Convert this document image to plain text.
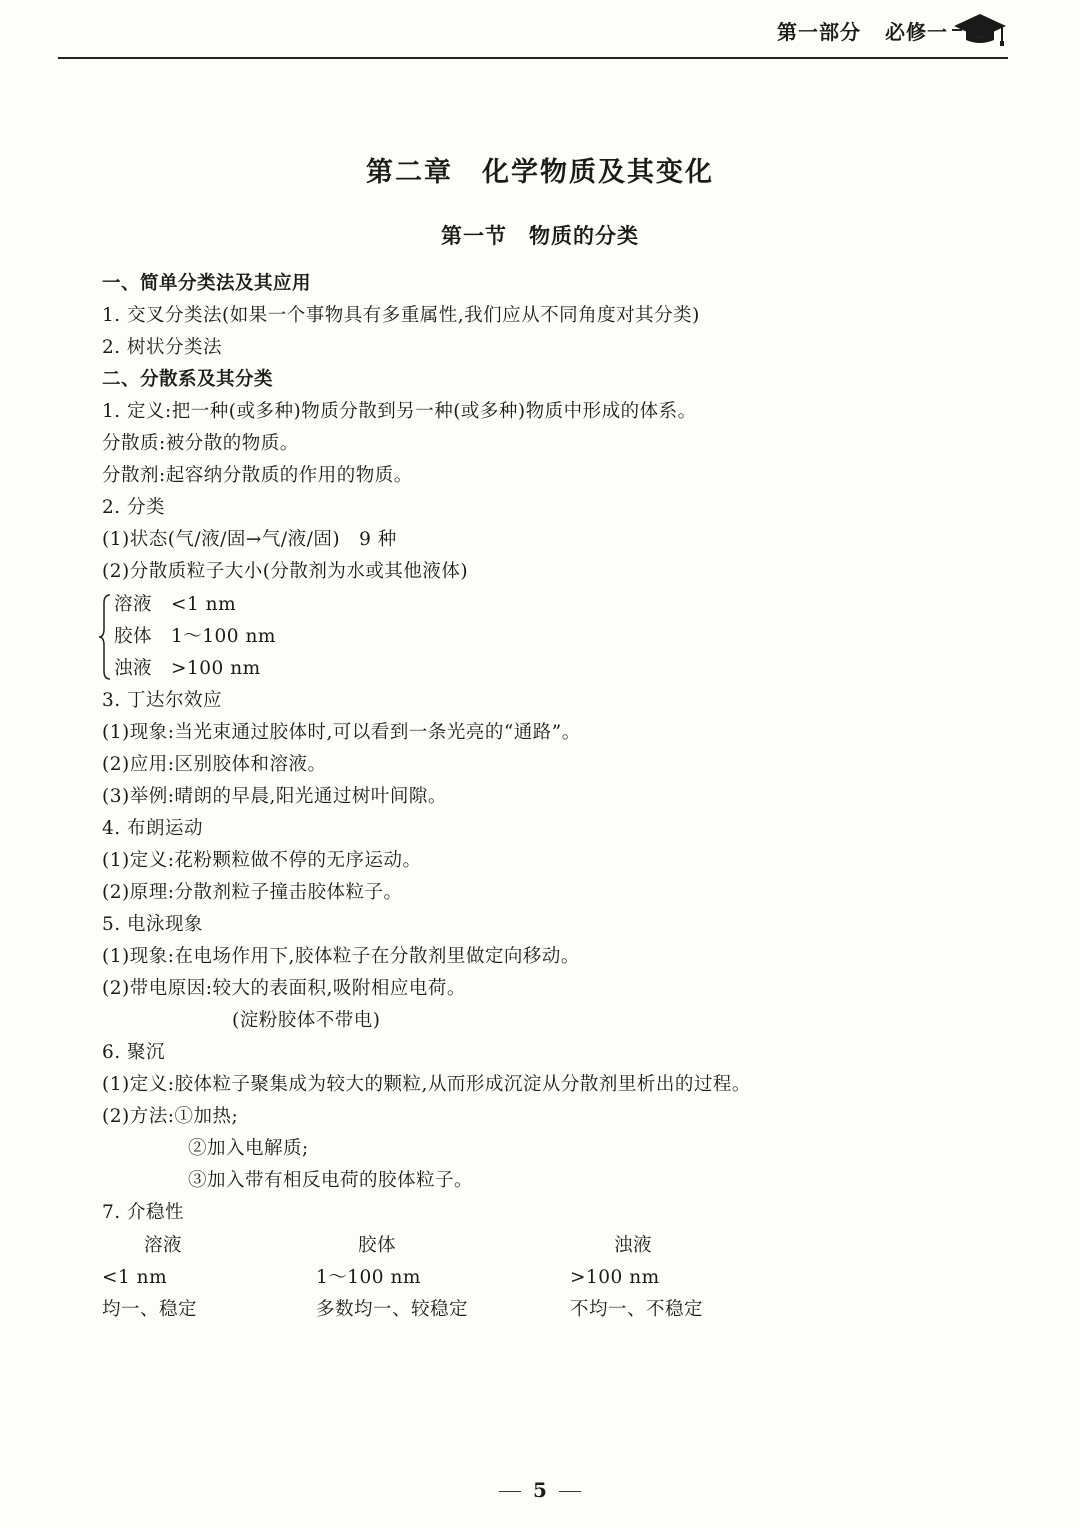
第一部分 必修一
第二章　化学物质及其变化
第一节　物质的分类
一、简单分类法及其应用
1. 交叉分类法(如果一个事物具有多重属性,我们应从不同角度对其分类)
2. 树状分类法
二、分散系及其分类
1. 定义:把一种(或多种)物质分散到另一种(或多种)物质中形成的体系。
分散质:被分散的物质。
分散剂:起容纳分散质的作用的物质。
2. 分类
(1)状态(气/液/固→气/液/固)　9 种
(2)分散质粒子大小(分散剂为水或其他液体)
溶液　<1 nm
胶体　1～100 nm
浊液　>100 nm
3. 丁达尔效应
(1)现象:当光束通过胶体时,可以看到一条光亮的“通路”。
(2)应用:区别胶体和溶液。
(3)举例:晴朗的早晨,阳光通过树叶间隙。
4. 布朗运动
(1)定义:花粉颗粒做不停的无序运动。
(2)原理:分散剂粒子撞击胶体粒子。
5. 电泳现象
(1)现象:在电场作用下,胶体粒子在分散剂里做定向移动。
(2)带电原因:较大的表面积,吸附相应电荷。
(淀粉胶体不带电)
6. 聚沉
(1)定义:胶体粒子聚集成为较大的颗粒,从而形成沉淀从分散剂里析出的过程。
(2)方法:①加热;
②加入电解质;
③加入带有相反电荷的胶体粒子。
7. 介稳性
溶液	胶体	浊液
<1 nm	1～100 nm	>100 nm
均一、稳定	多数均一、较稳定	不均一、不稳定
5
